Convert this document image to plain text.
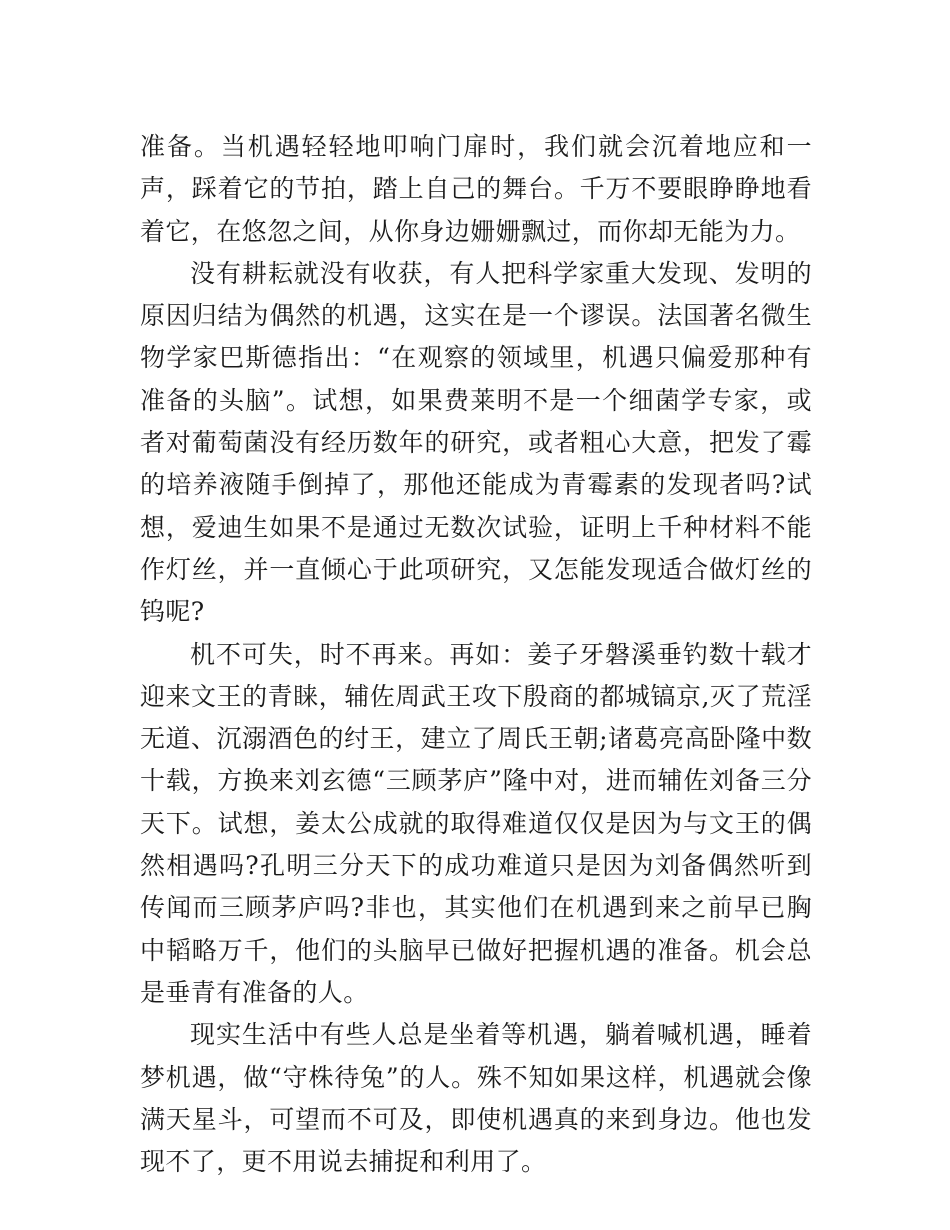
准备。当机遇轻轻地叩响门扉时，我们就会沉着地应和一声，踩着它的节拍，踏上自己的舞台。千万不要眼睁睁地看着它，在悠忽之间，从你身边姗姗飘过，而你却无能为力。

没有耕耘就没有收获，有人把科学家重大发现、发明的原因归结为偶然的机遇，这实在是一个谬误。法国著名微生物学家巴斯德指出：“在观察的领域里，机遇只偏爱那种有准备的头脑”。试想，如果费莱明不是一个细菌学专家，或者对葡萄菌没有经历数年的研究，或者粗心大意，把发了霉的培养液随手倒掉了，那他还能成为青霉素的发现者吗?试想，爱迪生如果不是通过无数次试验，证明上千种材料不能作灯丝，并一直倾心于此项研究，又怎能发现适合做灯丝的钨呢?

机不可失，时不再来。再如：姜子牙磐溪垂钓数十载才迎来文王的青睐，辅佐周武王攻下殷商的都城镐京,灭了荒淫无道、沉溺酒色的纣王，建立了周氏王朝;诸葛亮高卧隆中数十载，方换来刘玄德“三顾茅庐”隆中对，进而辅佐刘备三分天下。试想，姜太公成就的取得难道仅仅是因为与文王的偶然相遇吗?孔明三分天下的成功难道只是因为刘备偶然听到传闻而三顾茅庐吗?非也，其实他们在机遇到来之前早已胸中韬略万千，他们的头脑早已做好把握机遇的准备。机会总是垂青有准备的人。

现实生活中有些人总是坐着等机遇，躺着喊机遇，睡着梦机遇，做“守株待兔”的人。殊不知如果这样，机遇就会像满天星斗，可望而不可及，即使机遇真的来到身边。他也发现不了，更不用说去捕捉和利用了。
